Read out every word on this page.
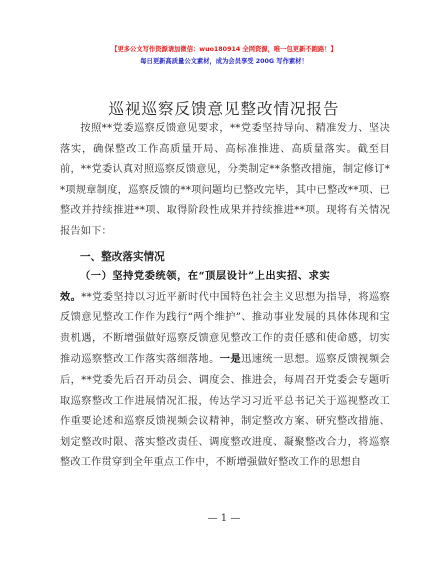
【更多公文写作资源请加微信：wuo180914 全网资源，唯一包更新不跑路！】
每日更新高质量公文素材，成为会员享受 200G 写作素材！
巡视巡察反馈意见整改情况报告
按照**党委巡察反馈意见要求，**党委坚持导向、精准发力、坚决落实，确保整改工作高质量开局、高标准推进、高质量落实。截至目前，**党委认真对照巡察反馈意见，分类制定**条整改措施，制定修订**项规章制度，巡察反馈的**项问题均已整改完毕，其中已整改**项、已整改并持续推进**项、取得阶段性成果并持续推进**项。现将有关情况报告如下：
一、整改落实情况
（一）坚持党委统领，在“顶层设计”上出实招、求实
效。**党委坚持以习近平新时代中国特色社会主义思想为指导，将巡察反馈意见整改工作作为践行“两个维护”、推动事业发展的具体体现和宝贵机遇，不断增强做好巡察反馈意见整改工作的责任感和使命感，切实推动巡察整改工作落实落细落地。一是迅速统一思想。巡察反馈视频会后，**党委先后召开动员会、调度会、推进会，每周召开党委会专题听取巡察整改工作进展情况汇报，传达学习习近平总书记关于巡视整改工作重要论述和巡察反馈视频会议精神，制定整改方案、研究整改措施、划定整改时限、落实整改责任、调度整改进度、凝聚整改合力，将巡察整改工作贯穿到全年重点工作中，不断增强做好整改工作的思想自
— 1 —
